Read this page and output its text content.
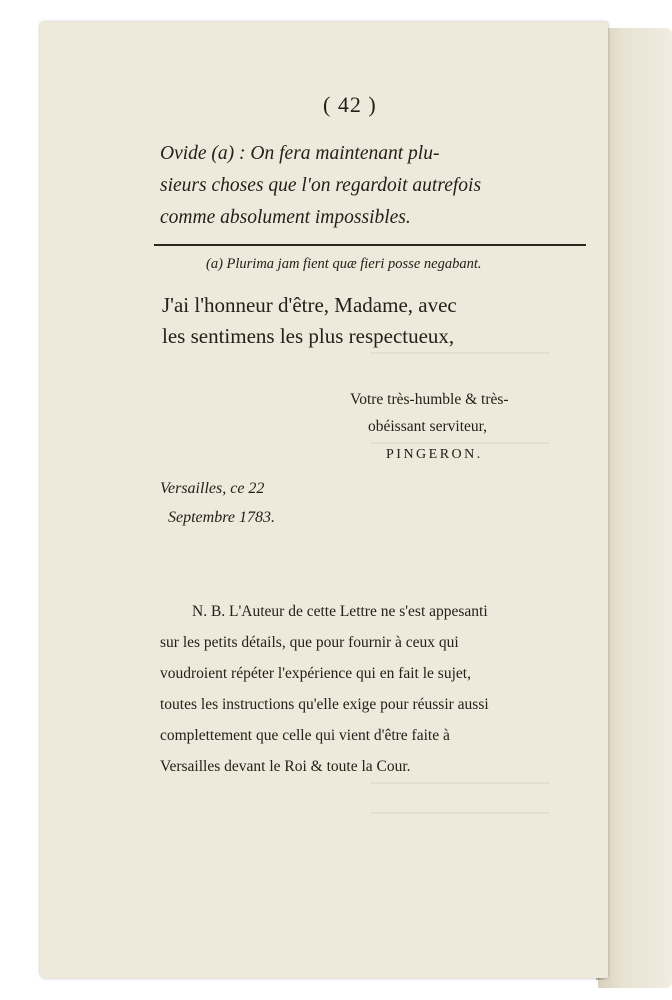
( 42 )
Ovide (a) : On fera maintenant plu-
sieurs choses que l'on regardoit autrefois
comme absolument impossibles.
(a) Plurima jam fient quæ fieri posse negabant.
J'ai l'honneur d'être, Madame, avec
les sentimens les plus respectueux,
Votre très-humble & très-
obéissant serviteur,
PINGERON.
Versailles, ce 22
Septembre 1783.
N. B. L'Auteur de cette Lettre ne s'est appesanti
sur les petits détails, que pour fournir à ceux qui
voudroient répéter l'expérience qui en fait le sujet,
toutes les instructions qu'elle exige pour réussir aussi
complettement que celle qui vient d'être faite à
Versailles devant le Roi & toute la Cour.
